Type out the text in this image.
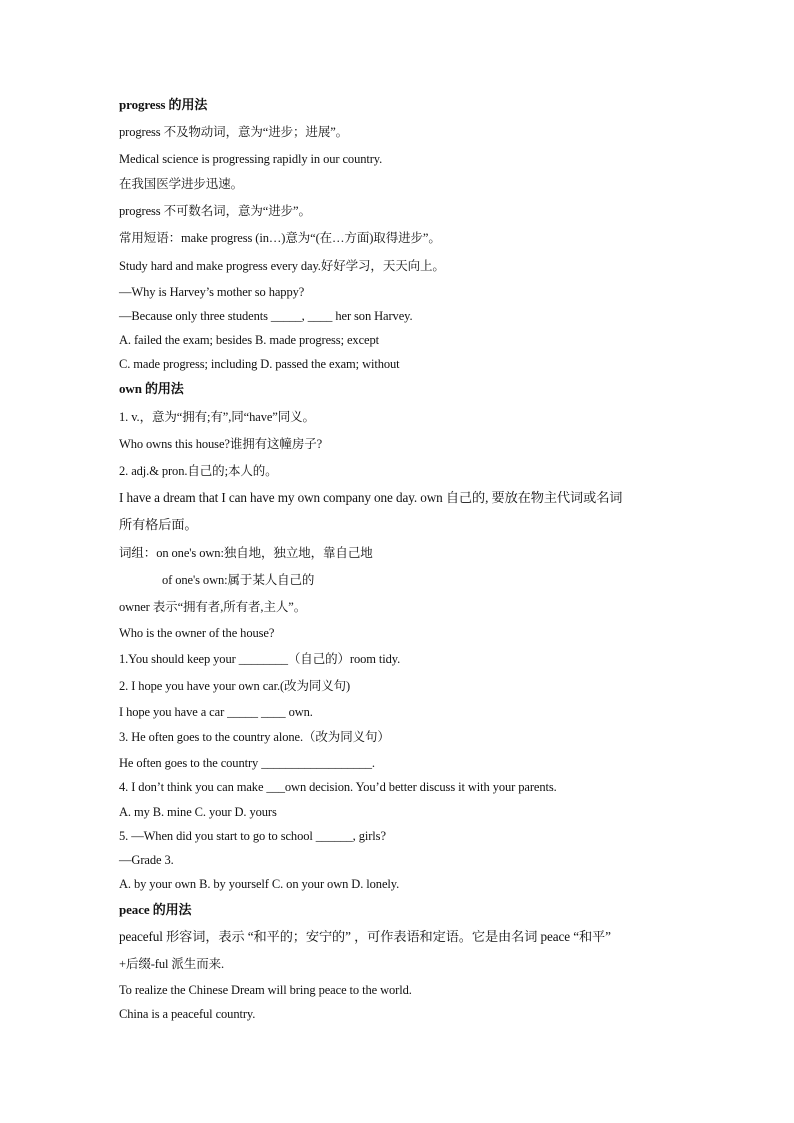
progress 的用法
progress 不及物动词，意为“进步；进展”。
Medical science is progressing rapidly in our country.
在我国医学进步迅速。
progress 不可数名词，意为“进步”。
常用短语：make progress (in…)意为“(在…方面)取得进步”。
Study hard and make progress every day.好好学习，天天向上。
—Why is Harvey’s mother so happy?
—Because only three students _____, ____ her son Harvey.
A. failed the exam; besides B. made progress; except
C. made progress; including D. passed the exam; without
own 的用法
1. v.，意为“拥有;有”,同“have”同义。
Who owns this house?谁拥有这幢房子?
2. adj.& pron.自己的;本人的。
I have a dream that I can have my own company one day. own 自己的, 要放在物主代词或名词
所有格后面。
词组：on one's own:独自地，独立地，靠自己地
of one's own:属于某人自己的
owner 表示“拥有者,所有者,主人”。
Who is the owner of the house?
1.You should keep your ________（自己的）room tidy.
2. I hope you have your own car.(改为同义句)
I hope you have a car _____ ____ own.
3. He often goes to the country alone.（改为同义句）
He often goes to the country __________________.
4. I don’t think you can make ___own decision. You’d better discuss it with your parents.
A. my B. mine C. your D. yours
5. —When did you start to go to school ______, girls?
—Grade 3.
A. by your own B. by yourself C. on your own D. lonely.
peace 的用法
peaceful 形容词，表示 “和平的；安宁的” ，可作表语和定语。它是由名词 peace “和平”
+后缀-ful 派生而来.
To realize the Chinese Dream will bring peace to the world.
China is a peaceful country.
